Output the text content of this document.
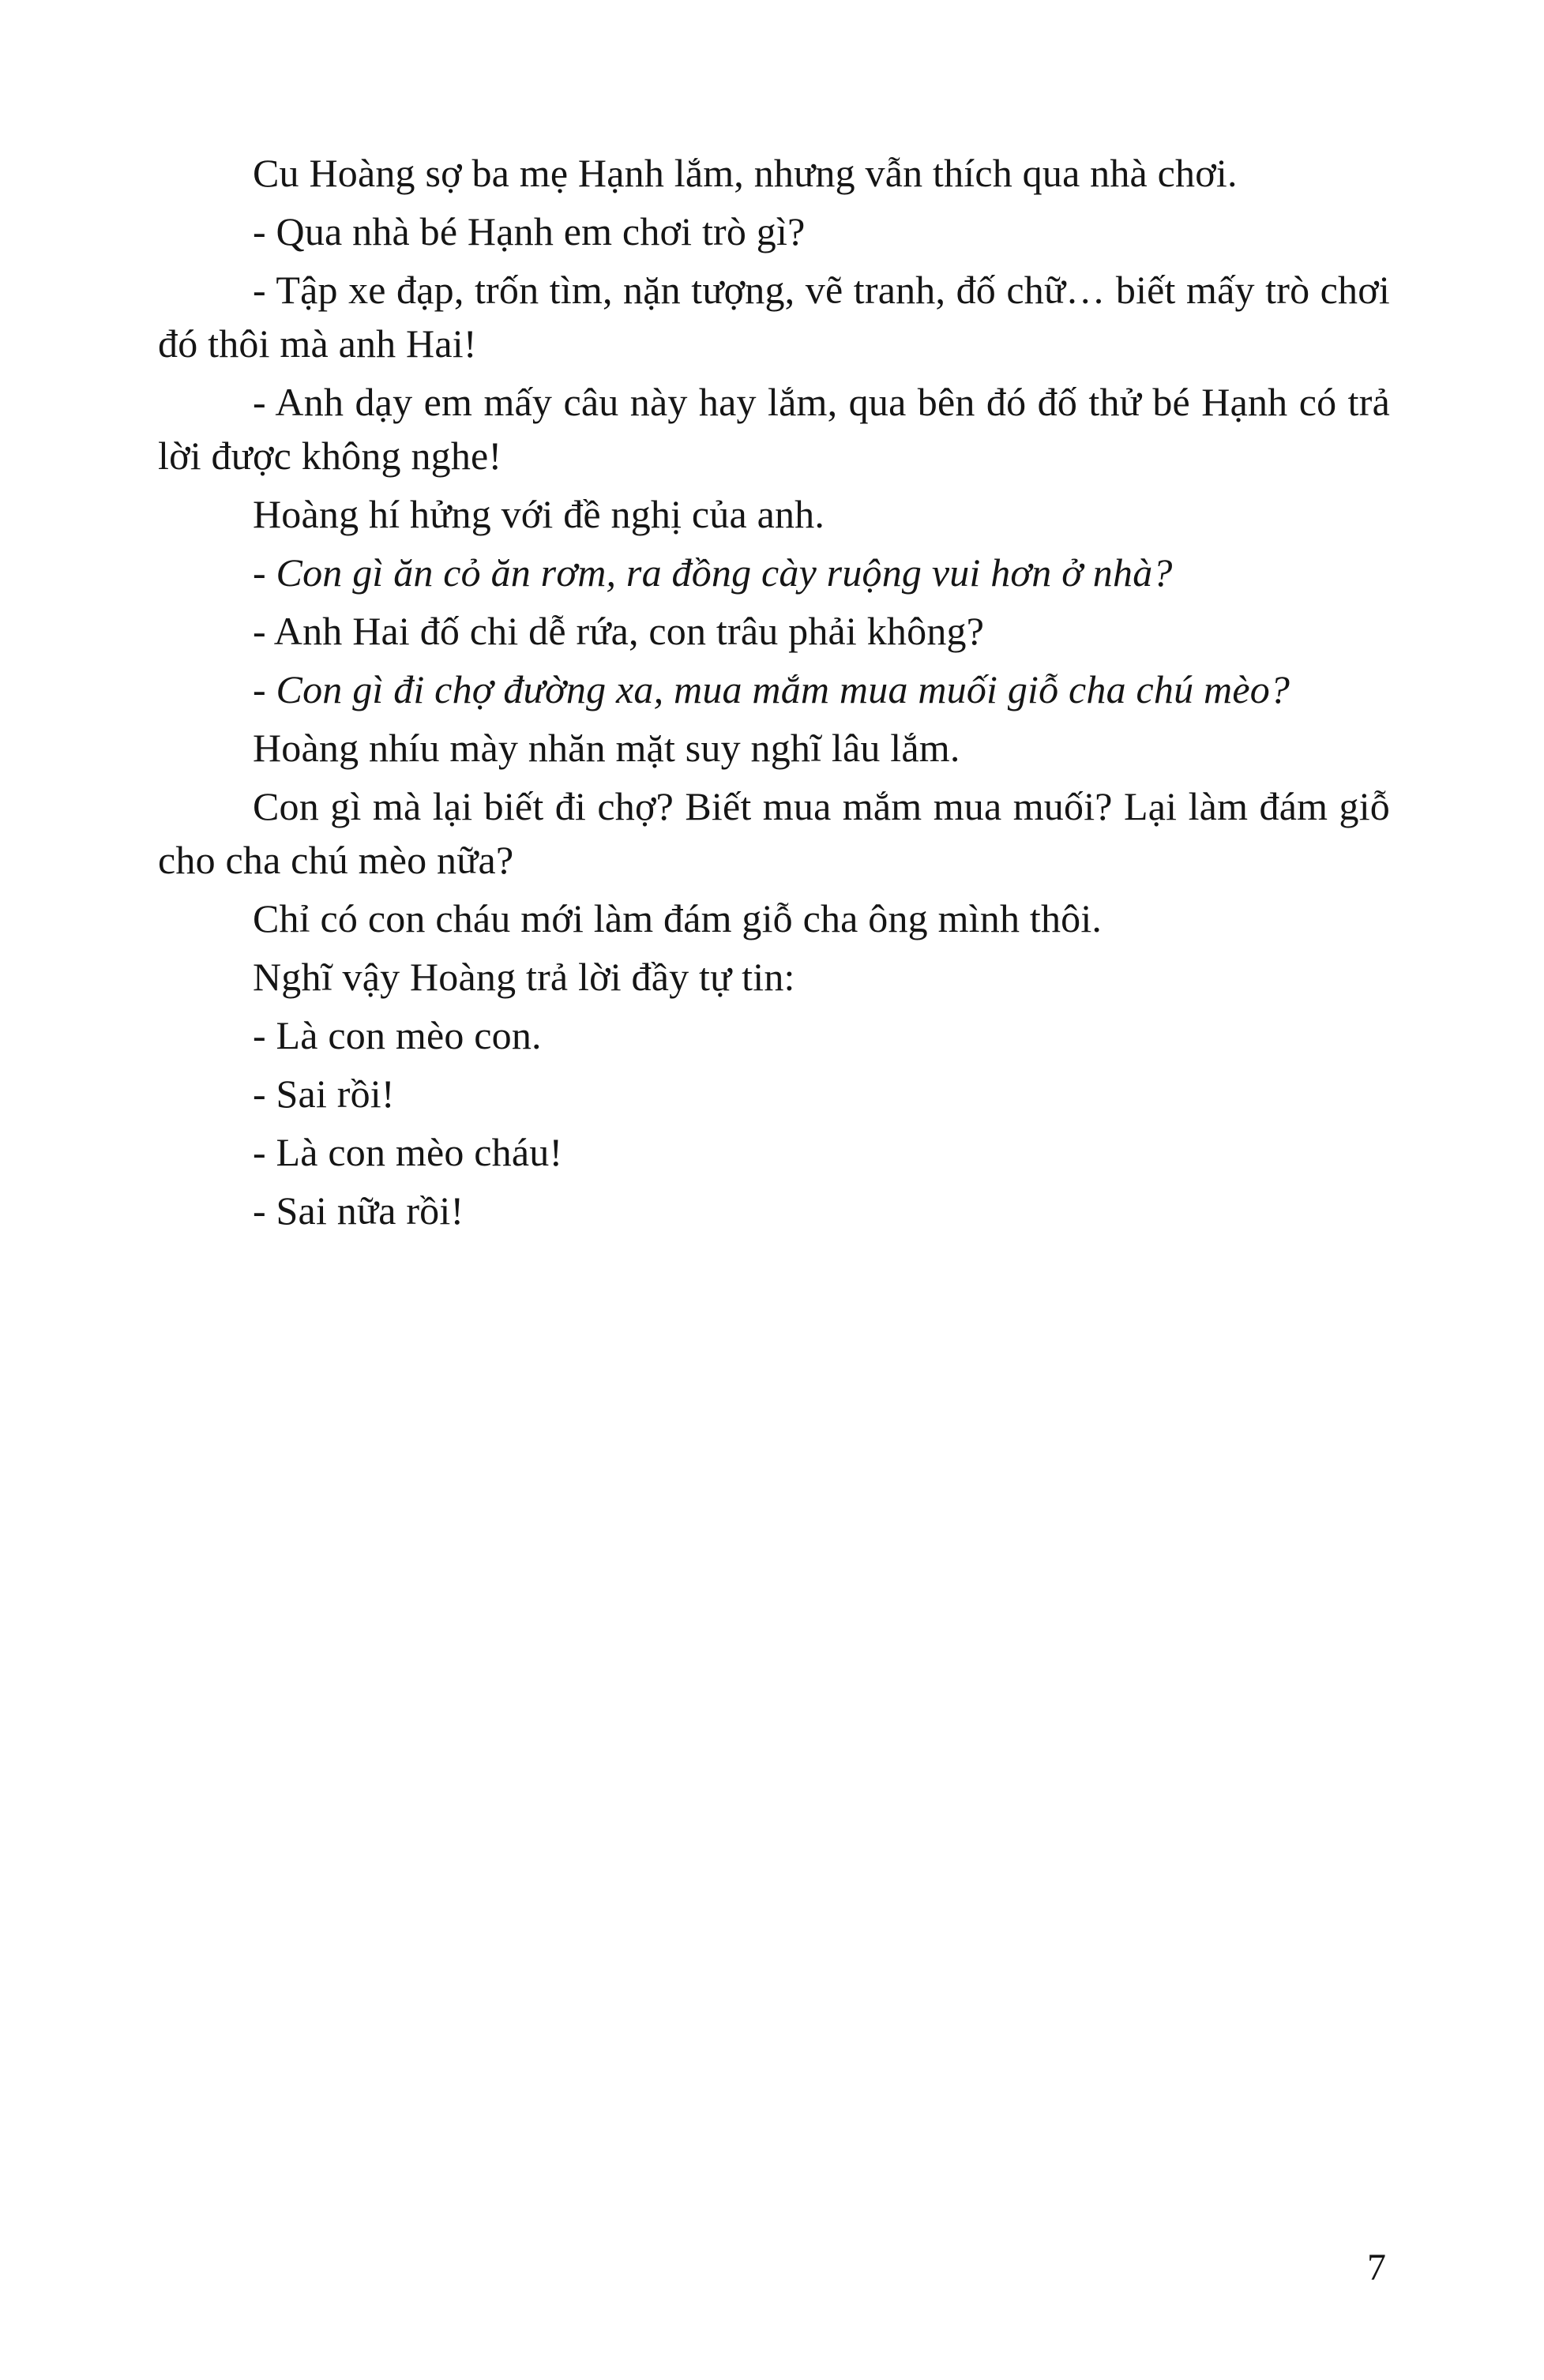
Cu Hoàng sợ ba mẹ Hạnh lắm, nhưng vẫn thích qua nhà chơi.

- Qua nhà bé Hạnh em chơi trò gì?

- Tập xe đạp, trốn tìm, nặn tượng, vẽ tranh, đố chữ… biết mấy trò chơi đó thôi mà anh Hai!

- Anh dạy em mấy câu này hay lắm, qua bên đó đố thử bé Hạnh có trả lời được không nghe!

Hoàng hí hửng với đề nghị của anh.

- Con gì ăn cỏ ăn rơm, ra đồng cày ruộng vui hơn ở nhà?

- Anh Hai đố chi dễ rứa, con trâu phải không?

- Con gì đi chợ đường xa, mua mắm mua muối giỗ cha chú mèo?

Hoàng nhíu mày nhăn mặt suy nghĩ lâu lắm.

Con gì mà lại biết đi chợ? Biết mua mắm mua muối? Lại làm đám giỗ cho cha chú mèo nữa?

Chỉ có con cháu mới làm đám giỗ cha ông mình thôi.

Nghĩ vậy Hoàng trả lời đầy tự tin:

- Là con mèo con.

- Sai rồi!

- Là con mèo cháu!

- Sai nữa rồi!

7
